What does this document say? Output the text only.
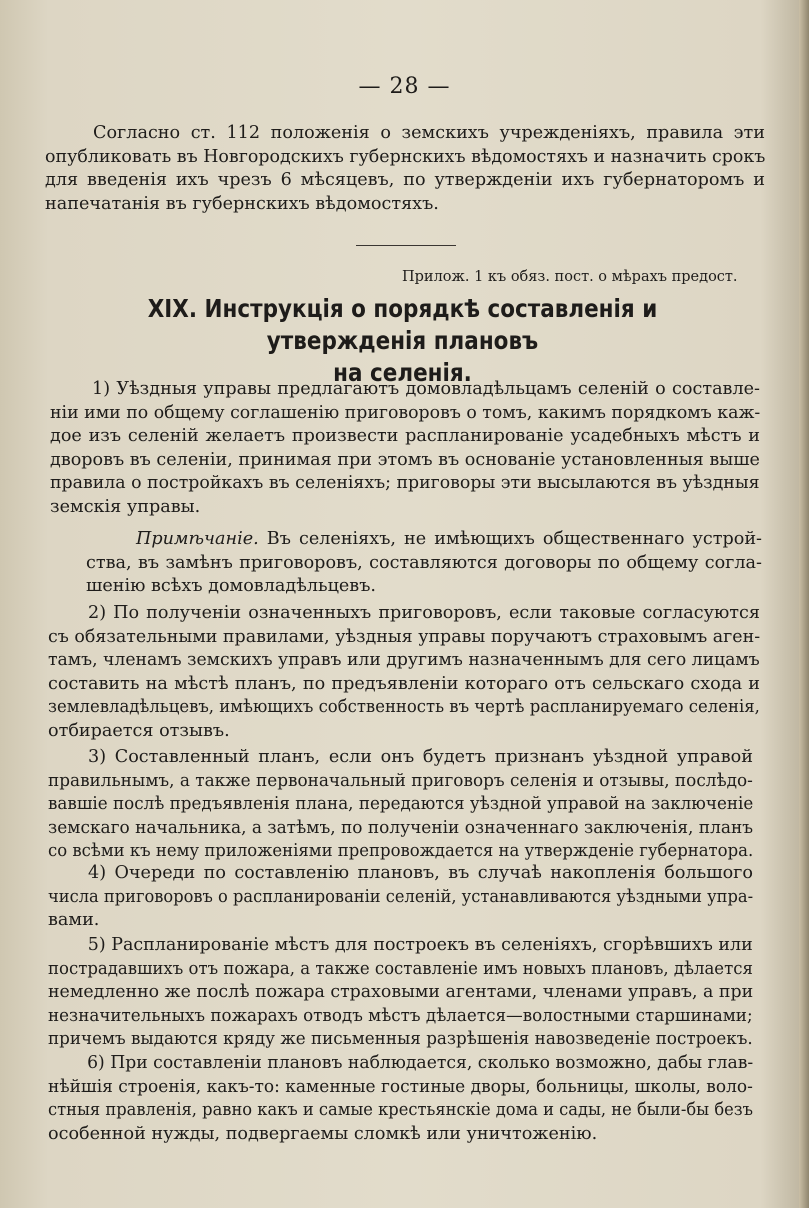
— 28 —
Согласно ст. 112 положенія о земскихъ учрежденіяхъ, правила эти
опубликовать въ Новгородскихъ губернскихъ вѣдомостяхъ и назначить срокъ
для введенія ихъ чрезъ 6 мѣсяцевъ, по утвержденіи ихъ губернаторомъ и
напечатанія въ губернскихъ вѣдомостяхъ.
Прилож. 1 къ обяз. пост. о мѣрахъ предост.
XIX. Инструкція о порядкѣ составленія и утвержденія плановъ
на селенія.
1) Уѣздныя управы предлагаютъ домовладѣльцамъ селеній о составле-
ніи ими по общему соглашенію приговоровъ о томъ, какимъ порядкомъ каж-
дое изъ селеній желаетъ произвести распланированіе усадебныхъ мѣстъ и
дворовъ въ селеніи, принимая при этомъ въ основаніе установленныя выше
правила о постройкахъ въ селеніяхъ; приговоры эти высылаются въ уѣздныя
земскія управы.
Примѣчаніе. Въ селеніяхъ, не имѣющихъ общественнаго устрой-
ства, въ замѣнъ приговоровъ, составляются договоры по общему согла-
шенію всѣхъ домовладѣльцевъ.
2) По полученіи означенныхъ приговоровъ, если таковые согласуются
съ обязательными правилами, уѣздныя управы поручаютъ страховымъ аген-
тамъ, членамъ земскихъ управъ или другимъ назначеннымъ для сего лицамъ
составить на мѣстѣ планъ, по предъявленіи котораго отъ сельскаго схода и
землевладѣльцевъ, имѣющихъ собственность въ чертѣ распланируемаго селенія,
отбирается отзывъ.
3) Составленный планъ, если онъ будетъ признанъ уѣздной управой
правильнымъ, а также первоначальный приговоръ селенія и отзывы, послѣдо-
вавшіе послѣ предъявленія плана, передаются уѣздной управой на заключеніе
земскаго начальника, а затѣмъ, по полученіи означеннаго заключенія, планъ
со всѣми къ нему приложеніями препровождается на утвержденіе губернатора.
4) Очереди по составленію плановъ, въ случаѣ накопленія большого
числа приговоровъ о распланированіи селеній, устанавливаются уѣздными упра-
вами.
5) Распланированіе мѣстъ для построекъ въ селеніяхъ, сгорѣвшихъ или
пострадавшихъ отъ пожара, а также составленіе имъ новыхъ плановъ, дѣлается
немедленно же послѣ пожара страховыми агентами, членами управъ, а при
незначительныхъ пожарахъ отводъ мѣстъ дѣлается—волостными старшинами;
причемъ выдаются кряду же письменныя разрѣшенія навозведеніе построекъ.
6) При составленіи плановъ наблюдается, сколько возможно, дабы глав-
нѣйшія строенія, какъ-то: каменные гостиные дворы, больницы, школы, воло-
стныя правленія, равно какъ и самые крестьянскіе дома и сады, не были-бы безъ
особенной нужды, подвергаемы сломкѣ или уничтоженію.
